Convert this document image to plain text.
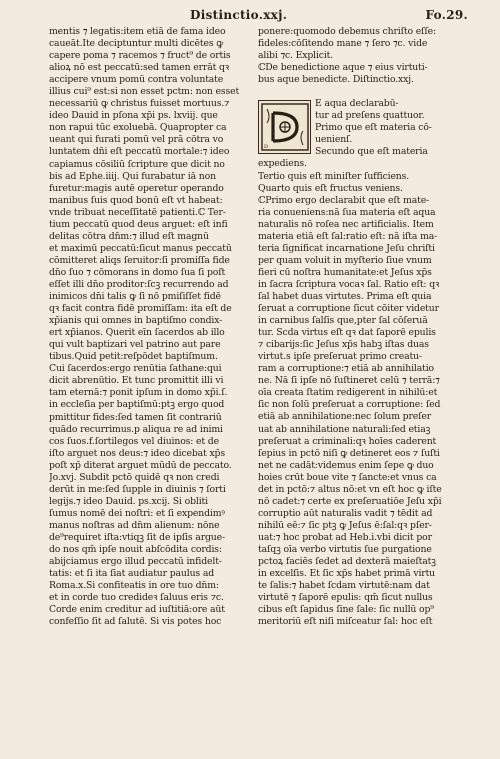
Distinctio.xxj.	Fo.29.
mentis ⁊ legatis:item etiā de fama ideo
caueāt.Ite deciptuntur multi dicētes ꝙ
capere poma ⁊ racemos ⁊ fruct⁹ de ortis
alioꝝ nō est peccatū:sed tamen errāt qꝛ
accipere vnum pomū contra voluntate
illius cui⁹ est:si non esset pctm: non esset
necessariū ꝙ christus fuisset mortuus.⁊
ideo Dauid in pſona xp̄i ps. lxviij. que
non rapui tūc exoluebā. Quapropter ca
ueant qui furati pomū vel prā cōtra vo
luntatem dn̄i eſt peccatū mortale:⁊ ideo
capiamus cōsiliū ſcripture que dicit no
bis ad Ephe.iiij. Qui furabatur iā non
furetur:magis autē operetur operando
manibus ſuis quod bonū eſt vt habeat:
vnde tribuat neceſſitatē patienti.ℂ Ter-
tium peccatū quod deus arguet: eſt infi
delitas cōtra dn̄m:⁊ illud eſt magnū
et maximū peccatū:ſicut manus peccatū
cōmitteret aliqs ſeruitor:ſi promiſſa fide
dn̄o ſuo ⁊ cōmorans in domo ſua ſi poſt
eſſet illi dn̄o proditor:ſcꝫ recurrendo ad
inimicos dn̄i talis ꝙ ſi nō pmiſiſſet fidē
qꝛ facit contra fidē promiſſam: ita eſt de
xp̄ianis qui omnes in baptiſmo condix-
ert xp̄ianos. Querit eīn ſacerdos ab illo
qui vult baptizari vel patrino aut pare
tibus.Quid petit:reſpōdet baptiſmum.
Cui ſacerdos:ergo renūtia ſathane:qui
dicit abrenūtio. Et tunc promittit illi vi
tam eternā:⁊ ponit ipſum in domo xp̄i.ſ.
in eccleſia per baptiſmū:ptꝫ ergo quod
pmittitur fides:ſed tamen ſit contrariū
quādo recurrimus.p aliqua re ad inimi
cos ſuos.f.ſortilegos vel diuinos: et de
iſto arguet nos deus:⁊ ideo dicebat xp̄s
poſt xp̄ diterat arguet mūdū de peccato.
Jo.xvj. Subdit pctō quidē qꝛ non credi
derūt in me:ſed ſupple in diuinis ⁊ ſorti
legijs.⁊ ideo Dauid. ps.xcij. Si obliti
ſumus nomē dei noſtri: et ſi expendimꝰ
manus noſtras ad dn̄m alienum: nōne
de⁹requiret iſta:vtiqꝫ ſit de ipſis argue-
do nos qm̄ ipſe nouit abſcōdita cordis:
abijciamus ergo illud peccatū infidelt-
tatis: et ſi ita ſiat audiatur paulus ad
Roma.x.Si confiteatis in ore tuo dn̄m:
et in corde tuo credideꝛ ſaluus eris ⁊c.
Corde enim creditur ad iuſtitiā:ore aūt
confeſſio ſit ad ſalutē. Si vis potes hoc
ponere:quomodo debemus chriſto eſſe:
fideles:cōſitendo mane ⁊ ſero ⁊c. vide
alibi ⁊c. Explicit.
ℂDe benedictione aque ⁊ eius virtuti-
bus aque benedicte. Diſtinctio.xxj.
D
E aqua declarabū-
tur ad preſens quattuor.
Primo que eſt materia cō-
uenienſ.
Secundo que eſt materia
expediens.
Tertio quis eſt miniſter ſufficiens.
Quarto quis eſt fructus veniens.
ℂPrimo ergo declarabit que eſt mate-
ria conueniens:nā ſua materia eſt aqua
naturalis nō roſea nec artificialis. Item
materia etiā eſt ſal:ratio eſt: nā iſta ma-
teria ſignificat incarnatione Jeſu chriſti
per quam voluit in myſterio ſiue vnum
fieri cū noſtra humanitate:et Jeſus xp̄s
in ſacra ſcriptura vocaꝛ ſal. Ratio eſt: qꝛ
ſal habet duas virtutes. Prima eſt quia
ſeruat a corruptione ſicut cōiter videtur
in carnibus ſalſis que,pter ſal cōſeruā
tur. Scda virtus eſt qꝛ dat ſaporē epulis
⁊ cibarijs:ſic Jeſus xp̄s habꝫ iſtas duas
virtut.s ipſe preſeruat primo creatu-
ram a corruptione:⁊ etiā ab annihilatio
ne. Nā ſi ipſe nō ſuſtineret celū ⁊ terrā:⁊
oīa creata ſtatim redigerent in nihilū:et
ſic non ſolū preſeruat a corruptione: ſed
etiā ab annihilatione:nec ſolum preſer
uat ab annihilatione naturali:ſed etiaꝫ
preſeruat a criminali:qꝛ hoīes caderent
ſepius in pctō niſi ꝙ detineret eos ⁊ ſuſti
net ne cadāt:videmus enim ſepe ꝙ duo
hoies crūt boue vite ⁊ ſancte:et vnus ca
det in pctō:⁊ altus nō:et vn eſt hoc ꝙ iſte
nō cadet:⁊ certe ex preſeruatiōe Jeſu xp̄i
corruptio aūt naturalis vadit ⁊ tēdit ad
nihilū eē:⁊ ſic ptꝫ ꝙ Jeſus ē:ſal:qꝛ pſer-
uat:⁊ hoc probat ad Heb.i.vbi dicit por
taſqꝫ oīa verbo virtutis ſue purgatione
pctoꝝ faciēs ſedet ad dexterā maieſtatꝫ
in excelſis. Et ſic xp̄s habet primā virtu
te ſalis:⁊ habet ſcdam virtutē:nam dat
virtutē ⁊ ſaporē epulis: qm̄ ſicut nullus
cibus eſt ſapidus ſine ſale: ſic nullū op⁹
meritoriū eſt niſi miſceatur ſal: hoc eſt
